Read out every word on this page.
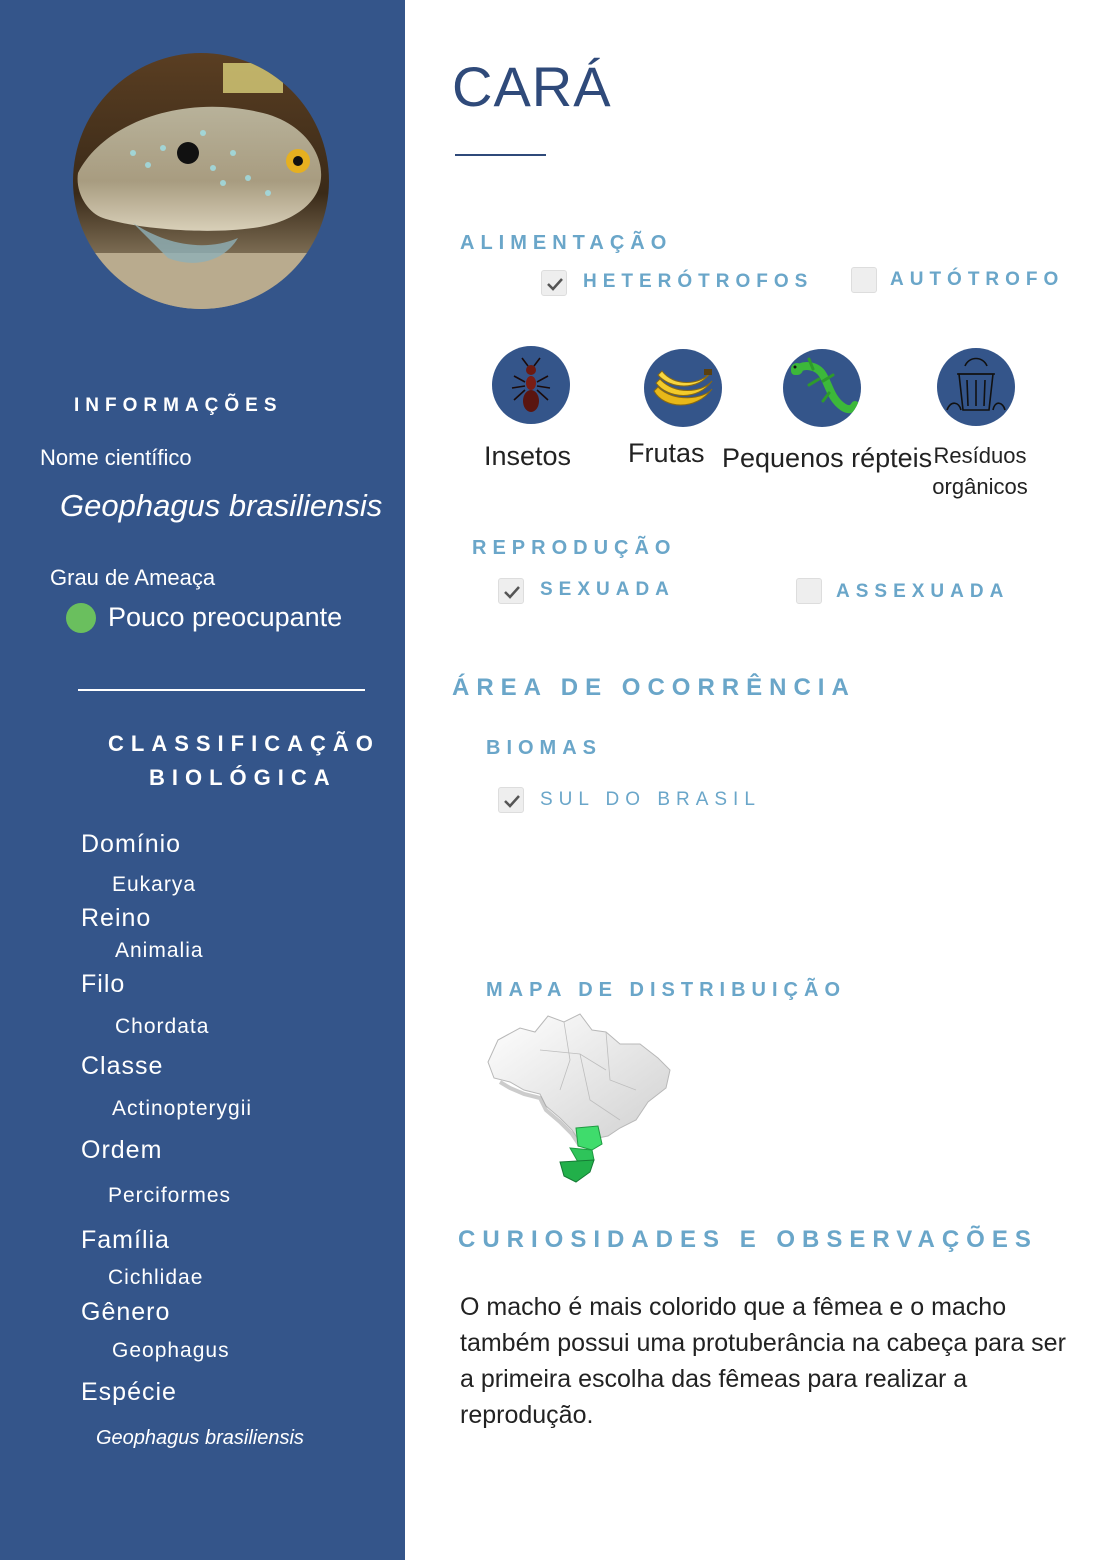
INFORMAÇÕES
Nome científico
Geophagus brasiliensis
Grau de Ameaça
Pouco preocupante
CLASSIFICAÇÃO
BIOLÓGICA
Domínio
Eukarya
Reino
Animalia
Filo
Chordata
Classe
Actinopterygii
Ordem
Perciformes
Família
Cichlidae
Gênero
Geophagus
Espécie
Geophagus brasiliensis
CARÁ
ALIMENTAÇÃO
HETERÓTROFOS	AUTÓTROFO
Insetos Frutas Pequenos répteis Resíduos
orgânicos
REPRODUÇÃO
SEXUADA	ASSEXUADA
ÁREA DE OCORRÊNCIA
BIOMAS
SUL DO BRASIL
MAPA DE DISTRIBUIÇÃO
CURIOSIDADES E OBSERVAÇÕES
O macho é mais colorido que a fêmea e o macho também possui uma protuberância na cabeça para ser a primeira escolha das fêmeas para realizar a reprodução.
